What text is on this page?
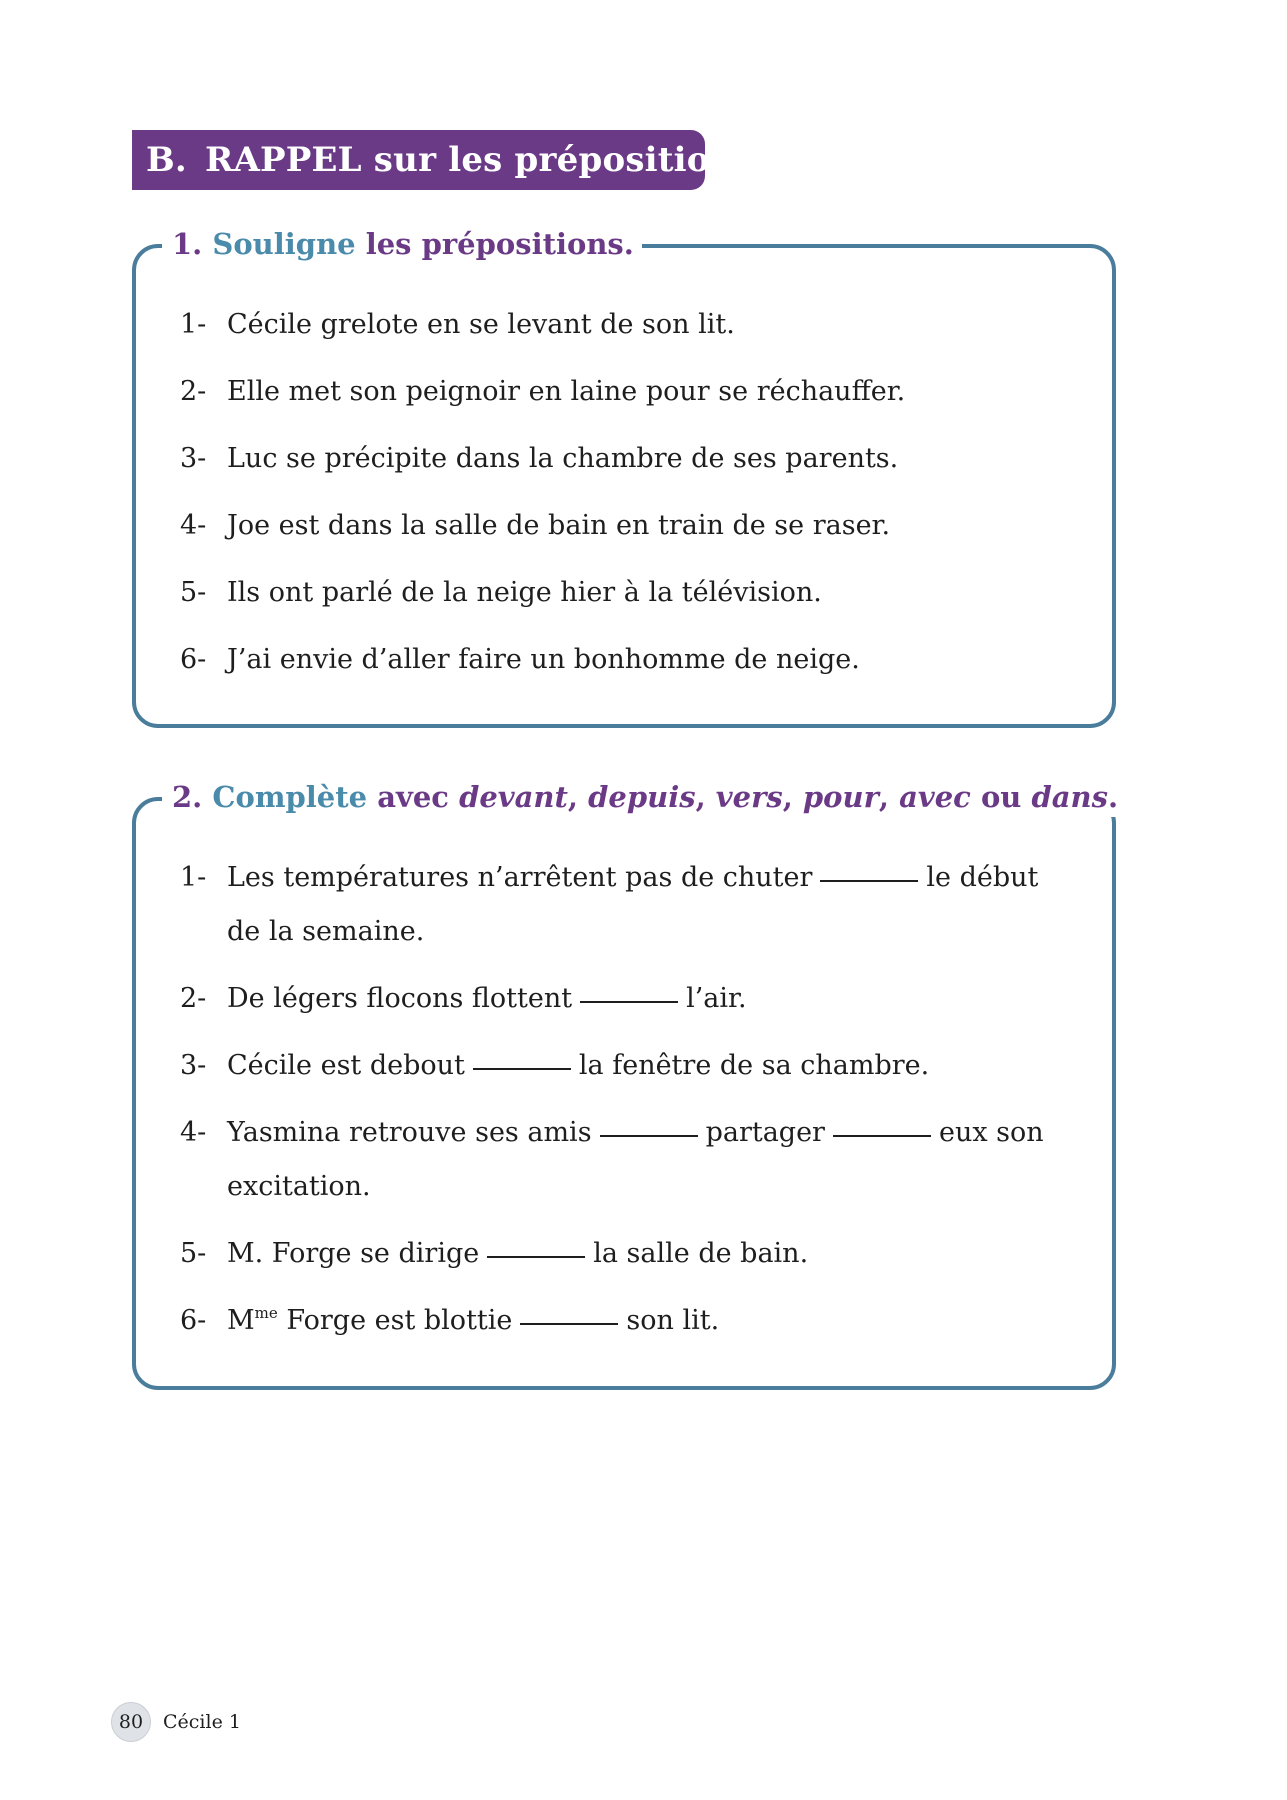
B. RAPPEL sur les prépositions
1. Souligne les prépositions.
1- Cécile grelote en se levant de son lit.
2- Elle met son peignoir en laine pour se réchauffer.
3- Luc se précipite dans la chambre de ses parents.
4- Joe est dans la salle de bain en train de se raser.
5- Ils ont parlé de la neige hier à la télévision.
6- J’ai envie d’aller faire un bonhomme de neige.
2. Complète avec devant, depuis, vers, pour, avec ou dans.
1- Les températures n’arrêtent pas de chuter	le début de la semaine.
2- De légers flocons flottent	l’air.
3- Cécile est debout	la fenêtre de sa chambre.
4- Yasmina retrouve ses amis	partager	eux son excitation.
5- M. Forge se dirige	la salle de bain.
6- $M^{me}$ Forge est blottie	son lit.
80	Cécile 1
